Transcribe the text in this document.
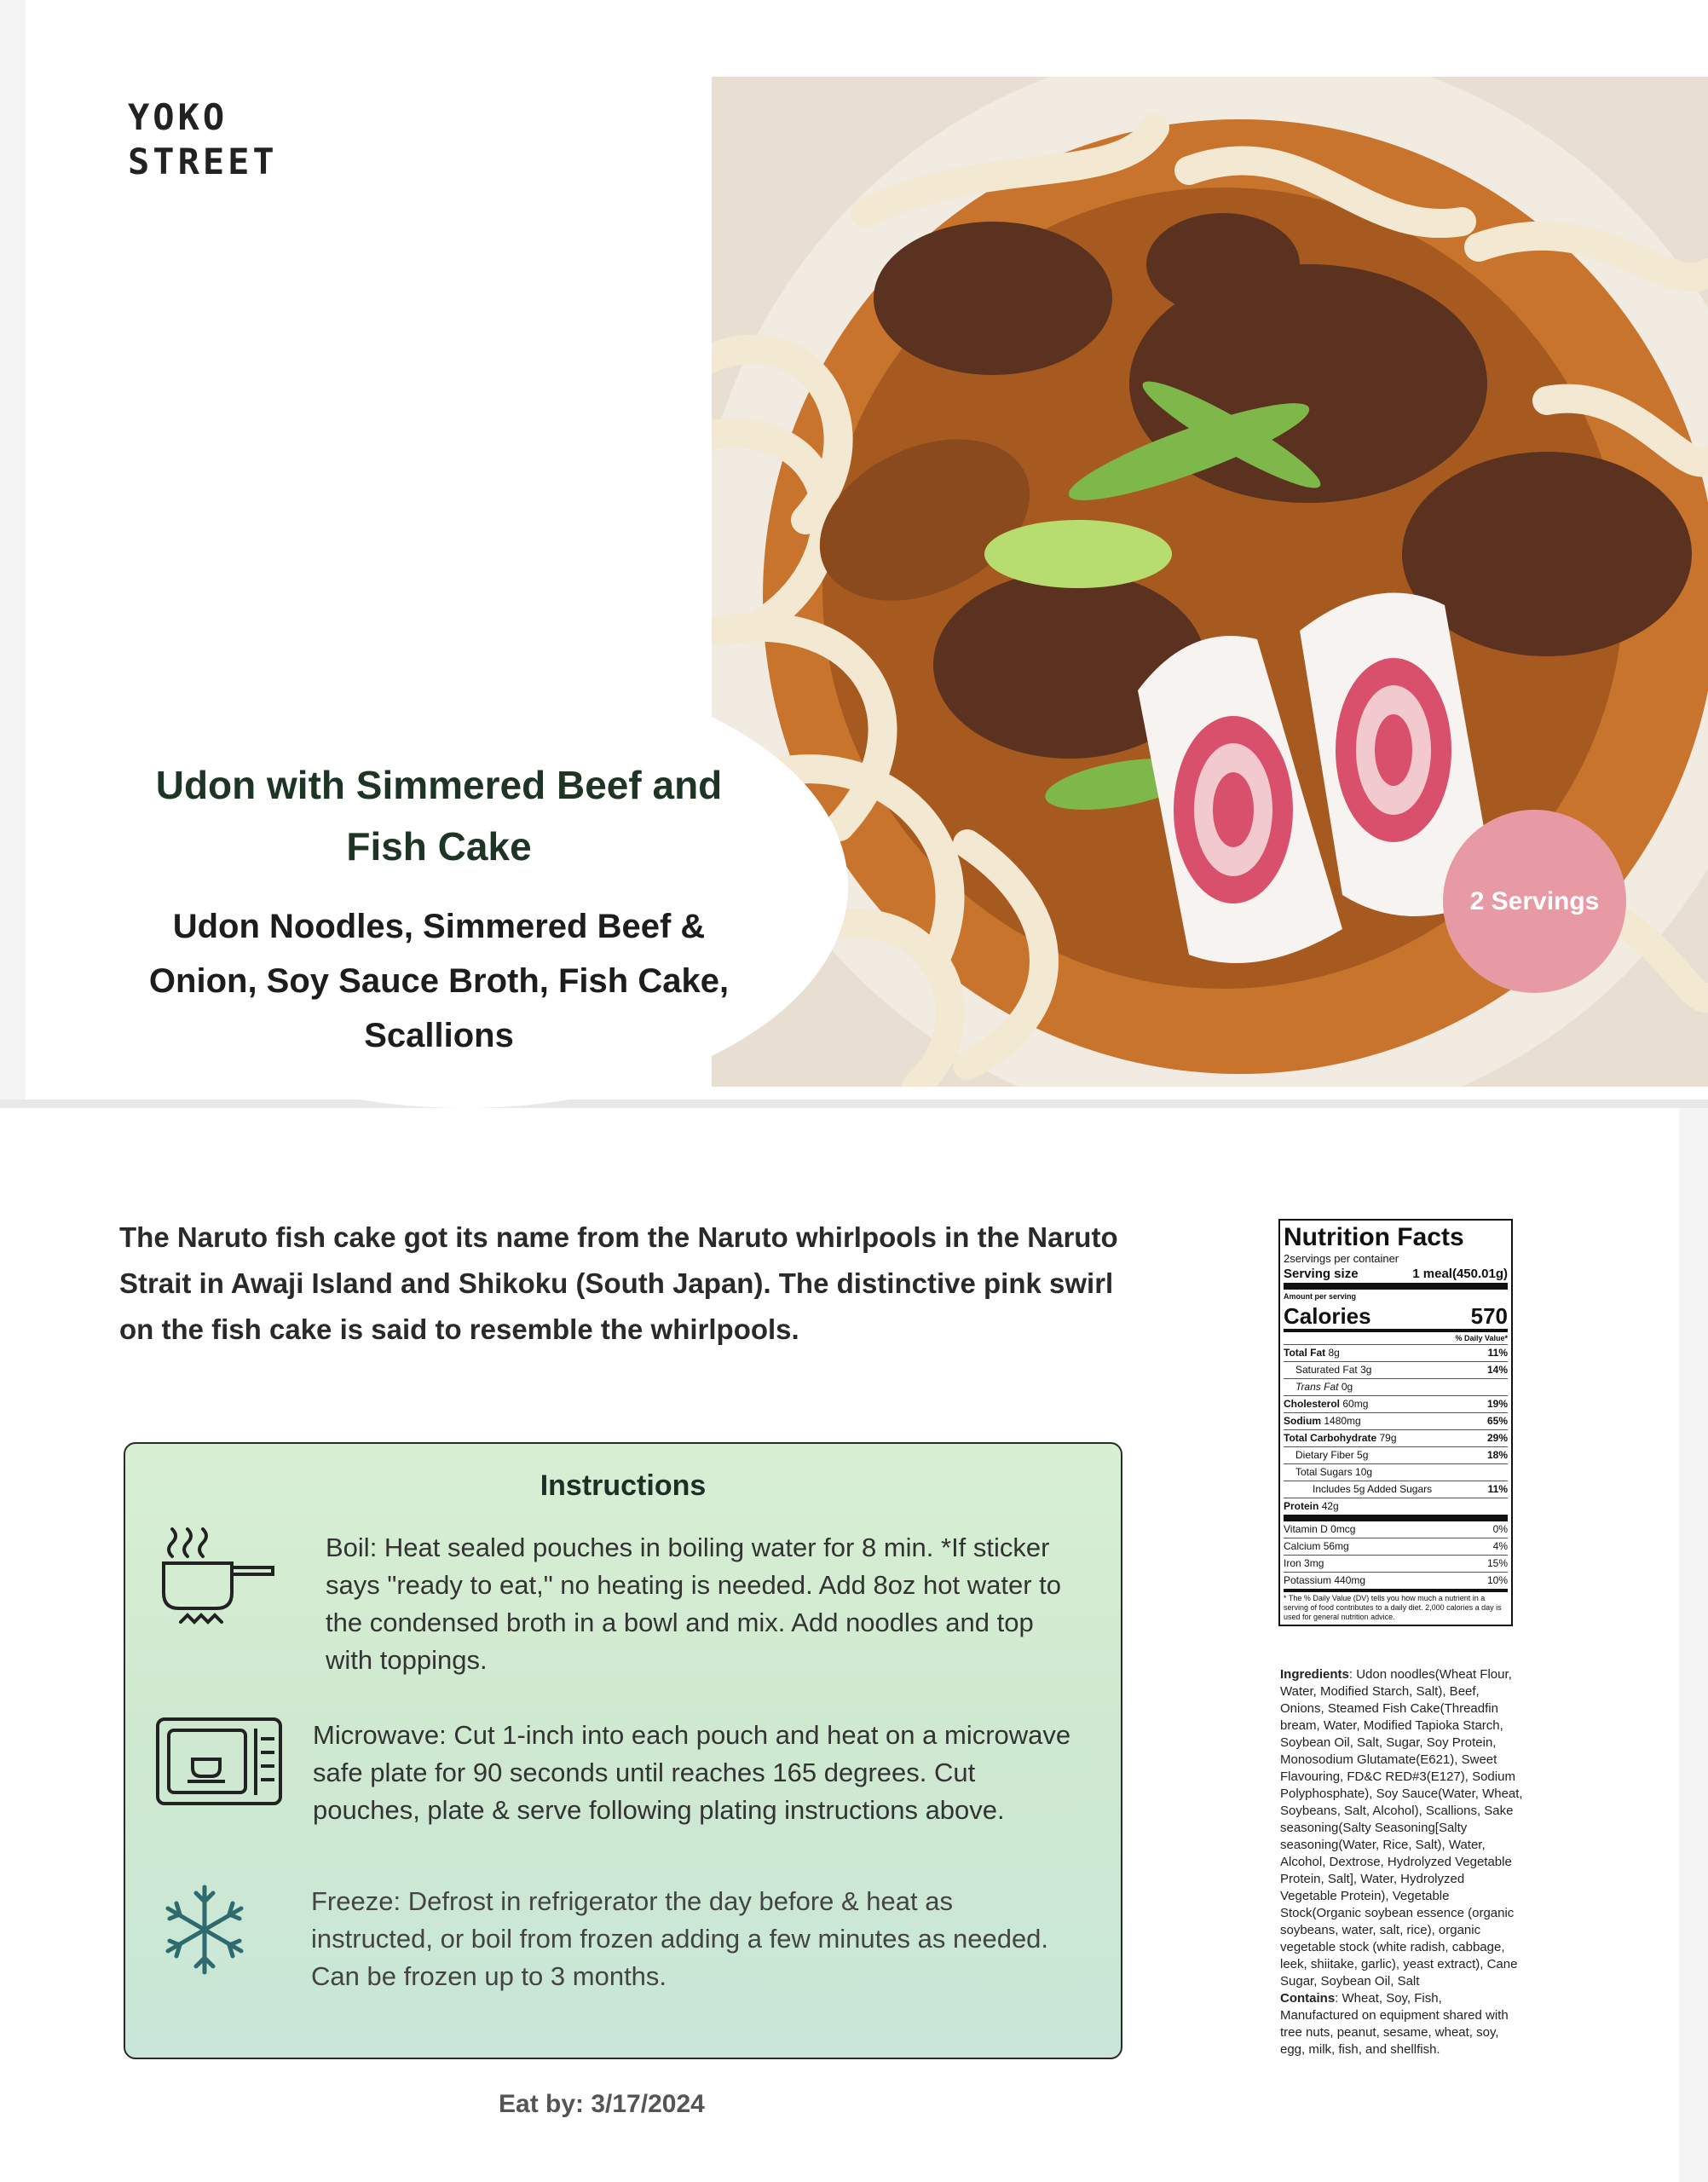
YOKO
STREET
Udon with Simmered Beef and Fish Cake
Udon Noodles, Simmered Beef & Onion, Soy Sauce Broth, Fish Cake, Scallions
2 Servings
The Naruto fish cake got its name from the Naruto whirlpools in the Naruto Strait in Awaji Island and Shikoku (South Japan). The distinctive pink swirl on the fish cake is said to resemble the whirlpools.
Instructions
Boil: Heat sealed pouches in boiling water for 8 min. *If sticker says "ready to eat," no heating is needed. Add 8oz hot water to the condensed broth in a bowl and mix. Add noodles and top with toppings.
Microwave: Cut 1-inch into each pouch and heat on a microwave safe plate for 90 seconds until reaches 165 degrees. Cut pouches, plate & serve following plating instructions above.
Freeze: Defrost in refrigerator the day before & heat as instructed, or boil from frozen adding a few minutes as needed. Can be frozen up to 3 months.
Eat by: 3/17/2024
Nutrition Facts
2servings per container
Serving size	1 meal(450.01g)
Amount per serving
Calories	570
% Daily Value*
Total Fat 8g	11%
Saturated Fat 3g	14%
Trans Fat 0g
Cholesterol 60mg	19%
Sodium 1480mg	65%
Total Carbohydrate 79g	29%
Dietary Fiber 5g	18%
Total Sugars 10g
Includes 5g Added Sugars	11%
Protein 42g
Vitamin D 0mcg	0%
Calcium 56mg	4%
Iron 3mg	15%
Potassium 440mg	10%
* The % Daily Value (DV) tells you how much a nutrient in a serving of food contributes to a daily diet. 2,000 calories a day is used for general nutrition advice.
Ingredients: Udon noodles(Wheat Flour, Water, Modified Starch, Salt), Beef, Onions, Steamed Fish Cake(Threadfin bream, Water, Modified Tapioka Starch, Soybean Oil, Salt, Sugar, Soy Protein, Monosodium Glutamate(E621), Sweet Flavouring, FD&C RED#3(E127), Sodium Polyphosphate), Soy Sauce(Water, Wheat, Soybeans, Salt, Alcohol), Scallions, Sake seasoning(Salty Seasoning[Salty seasoning(Water, Rice, Salt), Water, Alcohol, Dextrose, Hydrolyzed Vegetable Protein, Salt], Water, Hydrolyzed Vegetable Protein), Vegetable Stock(Organic soybean essence (organic soybeans, water, salt, rice), organic vegetable stock (white radish, cabbage, leek, shiitake, garlic), yeast extract), Cane Sugar, Soybean Oil, Salt
Contains: Wheat, Soy, Fish, Manufactured on equipment shared with tree nuts, peanut, sesame, wheat, soy, egg, milk, fish, and shellfish.
